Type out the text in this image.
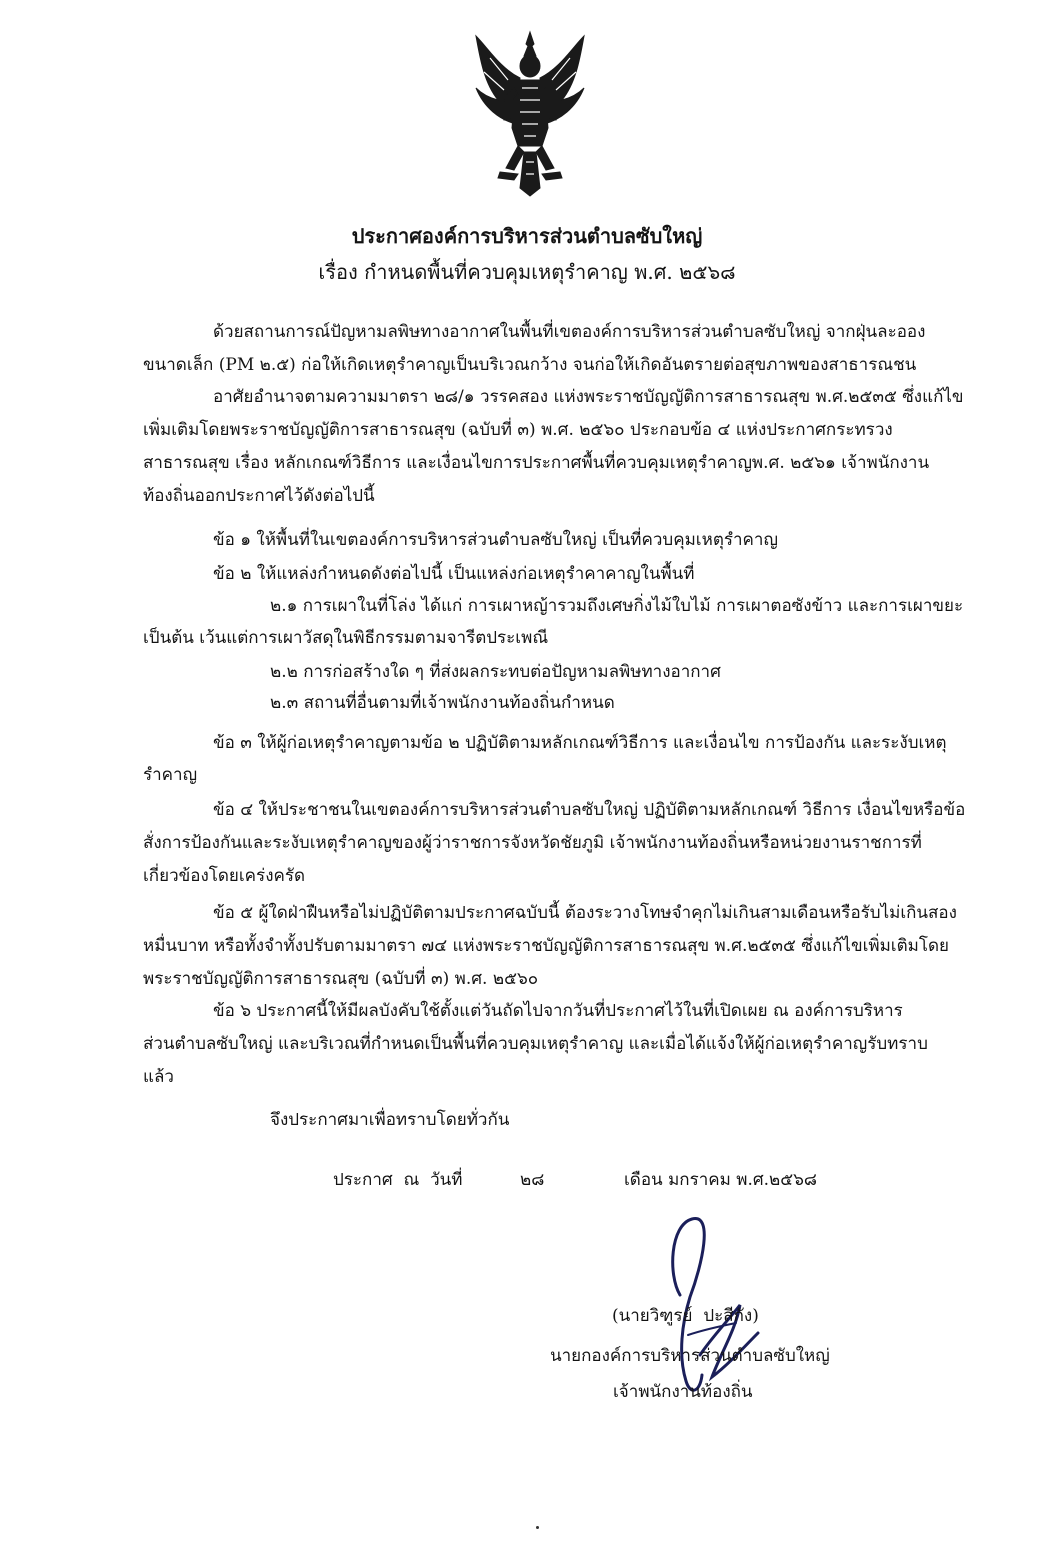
ประกาศองค์การบริหารส่วนตำบลซับใหญ่
เรื่อง กำหนดพื้นที่ควบคุมเหตุรำคาญ พ.ศ. ๒๕๖๘
ด้วยสถานการณ์ปัญหามลพิษทางอากาศในพื้นที่เขตองค์การบริหารส่วนตำบลซับใหญ่ จากฝุ่นละออง
ขนาดเล็ก (PM ๒.๕) ก่อให้เกิดเหตุรำคาญเป็นบริเวณกว้าง จนก่อให้เกิดอันตรายต่อสุขภาพของสาธารณชน
อาศัยอำนาจตามความมาตรา ๒๘/๑ วรรคสอง แห่งพระราชบัญญัติการสาธารณสุข พ.ศ.๒๕๓๕ ซึ่งแก้ไข
เพิ่มเติมโดยพระราชบัญญัติการสาธารณสุข (ฉบับที่ ๓) พ.ศ. ๒๕๖๐ ประกอบข้อ ๔ แห่งประกาศกระทรวง
สาธารณสุข เรื่อง หลักเกณฑ์วิธีการ และเงื่อนไขการประกาศพื้นที่ควบคุมเหตุรำคาญพ.ศ. ๒๕๖๑ เจ้าพนักงาน
ท้องถิ่นออกประกาศไว้ดังต่อไปนี้
ข้อ ๑ ให้พื้นที่ในเขตองค์การบริหารส่วนตำบลซับใหญ่ เป็นที่ควบคุมเหตุรำคาญ
ข้อ ๒ ให้แหล่งกำหนดดังต่อไปนี้ เป็นแหล่งก่อเหตุรำคาคาญในพื้นที่
๒.๑ การเผาในที่โล่ง ได้แก่ การเผาหญ้ารวมถึงเศษกิ่งไม้ใบไม้ การเผาตอซังข้าว และการเผาขยะ
เป็นต้น เว้นแต่การเผาวัสดุในพิธีกรรมตามจารีตประเพณี
๒.๒ การก่อสร้างใด ๆ ที่ส่งผลกระทบต่อปัญหามลพิษทางอากาศ
๒.๓ สถานที่อื่นตามที่เจ้าพนักงานท้องถิ่นกำหนด
ข้อ ๓ ให้ผู้ก่อเหตุรำคาญตามข้อ ๒ ปฏิบัติตามหลักเกณฑ์วิธีการ และเงื่อนไข การป้องกัน และระงับเหตุ
รำคาญ
ข้อ ๔ ให้ประชาชนในเขตองค์การบริหารส่วนตำบลซับใหญ่ ปฏิบัติตามหลักเกณฑ์ วิธีการ เงื่อนไขหรือข้อ
สั่งการป้องกันและระงับเหตุรำคาญของผู้ว่าราชการจังหวัดชัยภูมิ เจ้าพนักงานท้องถิ่นหรือหน่วยงานราชการที่
เกี่ยวข้องโดยเคร่งครัด
ข้อ ๕ ผู้ใดฝ่าฝืนหรือไม่ปฏิบัติตามประกาศฉบับนี้ ต้องระวางโทษจำคุกไม่เกินสามเดือนหรือรับไม่เกินสอง
หมื่นบาท หรือทั้งจำทั้งปรับตามมาตรา ๗๔ แห่งพระราชบัญญัติการสาธารณสุข พ.ศ.๒๕๓๕ ซึ่งแก้ไขเพิ่มเติมโดย
พระราชบัญญัติการสาธารณสุข (ฉบับที่ ๓) พ.ศ. ๒๕๖๐
ข้อ ๖ ประกาศนี้ให้มีผลบังคับใช้ตั้งแต่วันถัดไปจากวันที่ประกาศไว้ในที่เปิดเผย ณ องค์การบริหาร
ส่วนตำบลซับใหญ่ และบริเวณที่กำหนดเป็นพื้นที่ควบคุมเหตุรำคาญ และเมื่อได้แจ้งให้ผู้ก่อเหตุรำคาญรับทราบ
แล้ว
จึงประกาศมาเพื่อทราบโดยทั่วกัน
ประกาศ  ณ  วันที่	๒๘	เดือน มกราคม พ.ศ.๒๕๖๘
(นายวิฑูรย์  ปะสีกัง)
นายกองค์การบริหารส่วนตำบลซับใหญ่
เจ้าพนักงานท้องถิ่น
